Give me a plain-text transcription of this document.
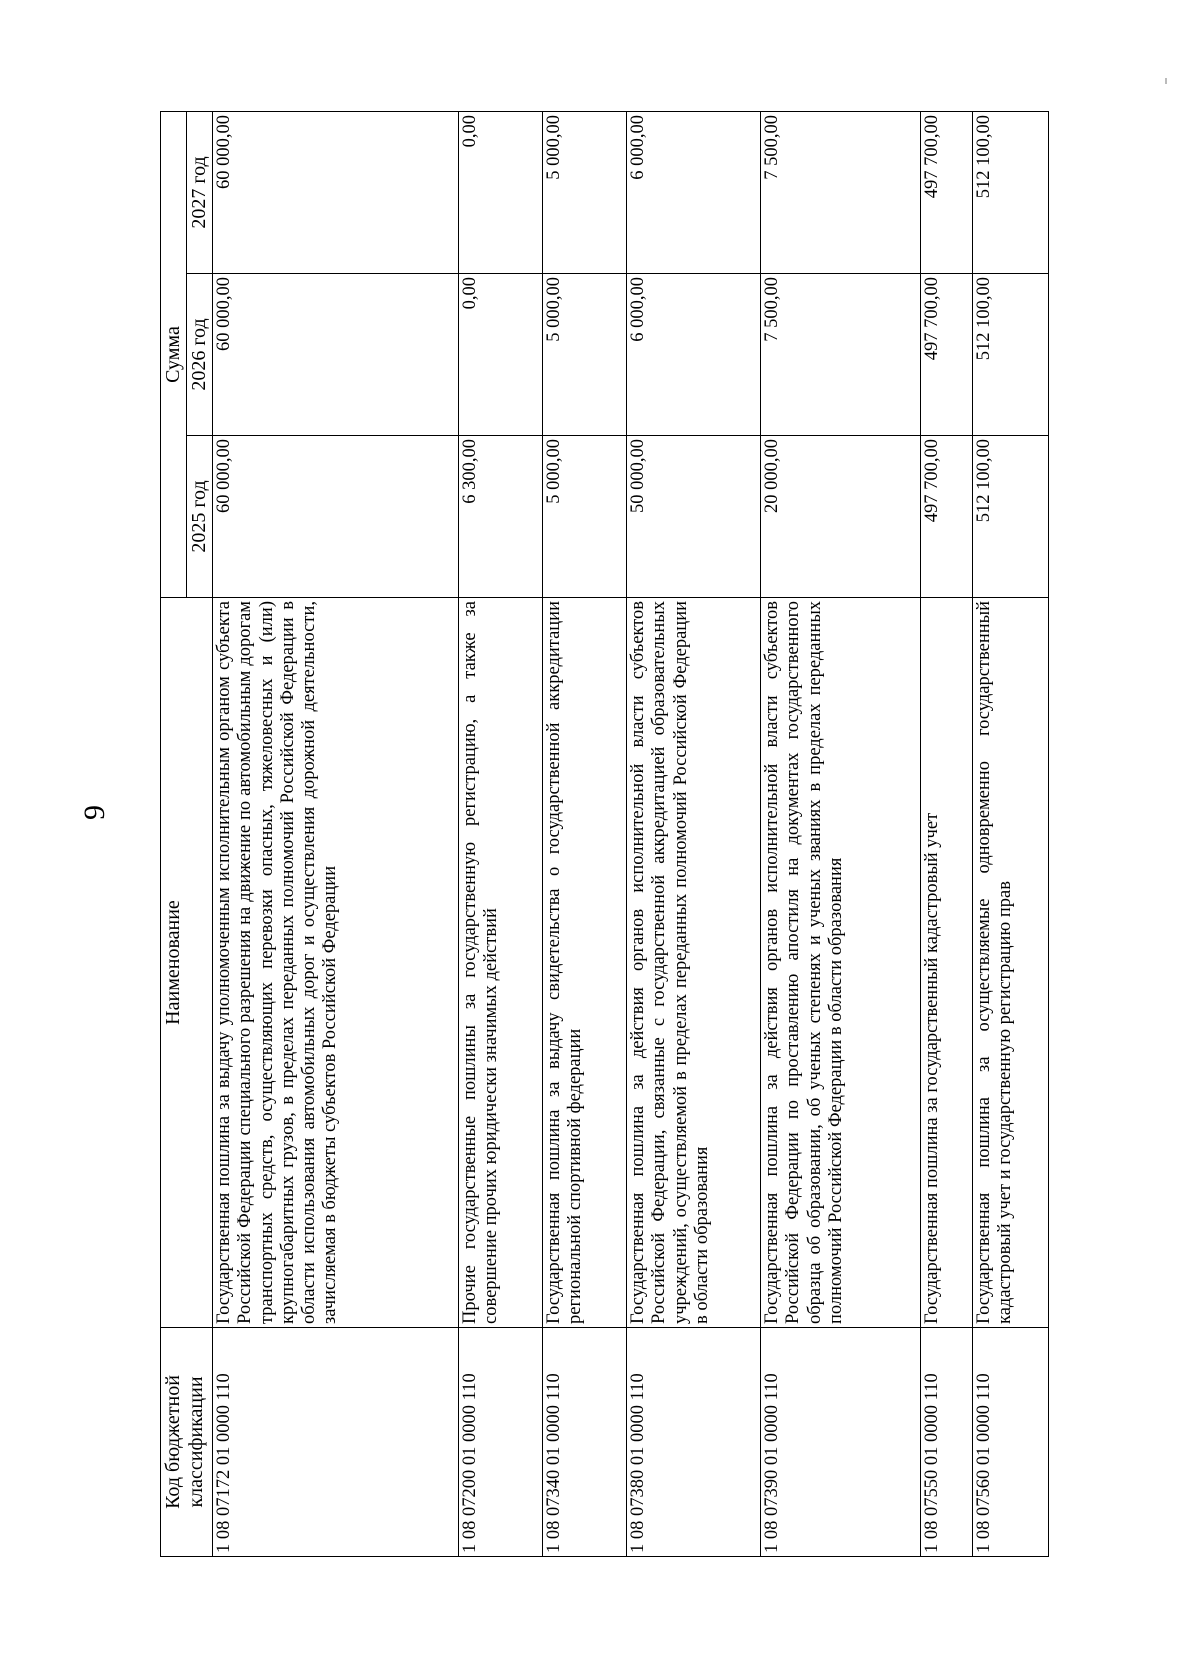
9
Код бюджетной классификации	Наименование	Сумма		
		2025 год	2026 год	2027 год
1 08 07172 01 0000 110	Государственная пошлина за выдачу уполномоченным исполнительным органом субъекта Российской Федерации специального разрешения на движение по автомобильным дорогам транспортных средств, осуществляющих перевозки опасных, тяжеловесных и (или) крупногабаритных грузов, в пределах переданных полномочий Российской Федерации в области использования автомобильных дорог и осуществления дорожной деятельности, зачисляемая в бюджеты субъектов Российской Федерации	60 000,00	60 000,00	60 000,00
1 08 07200 01 0000 110	Прочие государственные пошлины за государственную регистрацию, а также за совершение прочих юридически значимых действий	6 300,00	0,00	0,00
1 08 07340 01 0000 110	Государственная пошлина за выдачу свидетельства о государственной аккредитации региональной спортивной федерации	5 000,00	5 000,00	5 000,00
1 08 07380 01 0000 110	Государственная пошлина за действия органов исполнительной власти субъектов Российской Федерации, связанные с государственной аккредитацией образовательных учреждений, осуществляемой в пределах переданных полномочий Российской Федерации в области образования	50 000,00	6 000,00	6 000,00
1 08 07390 01 0000 110	Государственная пошлина за действия органов исполнительной власти субъектов Российской Федерации по проставлению апостиля на документах государственного образца об образовании, об ученых степенях и ученых званиях в пределах переданных полномочий Российской Федерации в области образования	20 000,00	7 500,00	7 500,00
1 08 07550 01 0000 110	Государственная пошлина за государственный кадастровый учет	497 700,00	497 700,00	497 700,00
1 08 07560 01 0000 110	Государственная пошлина за осуществляемые одновременно государственный кадастровый учет и государственную регистрацию прав	512 100,00	512 100,00	512 100,00
